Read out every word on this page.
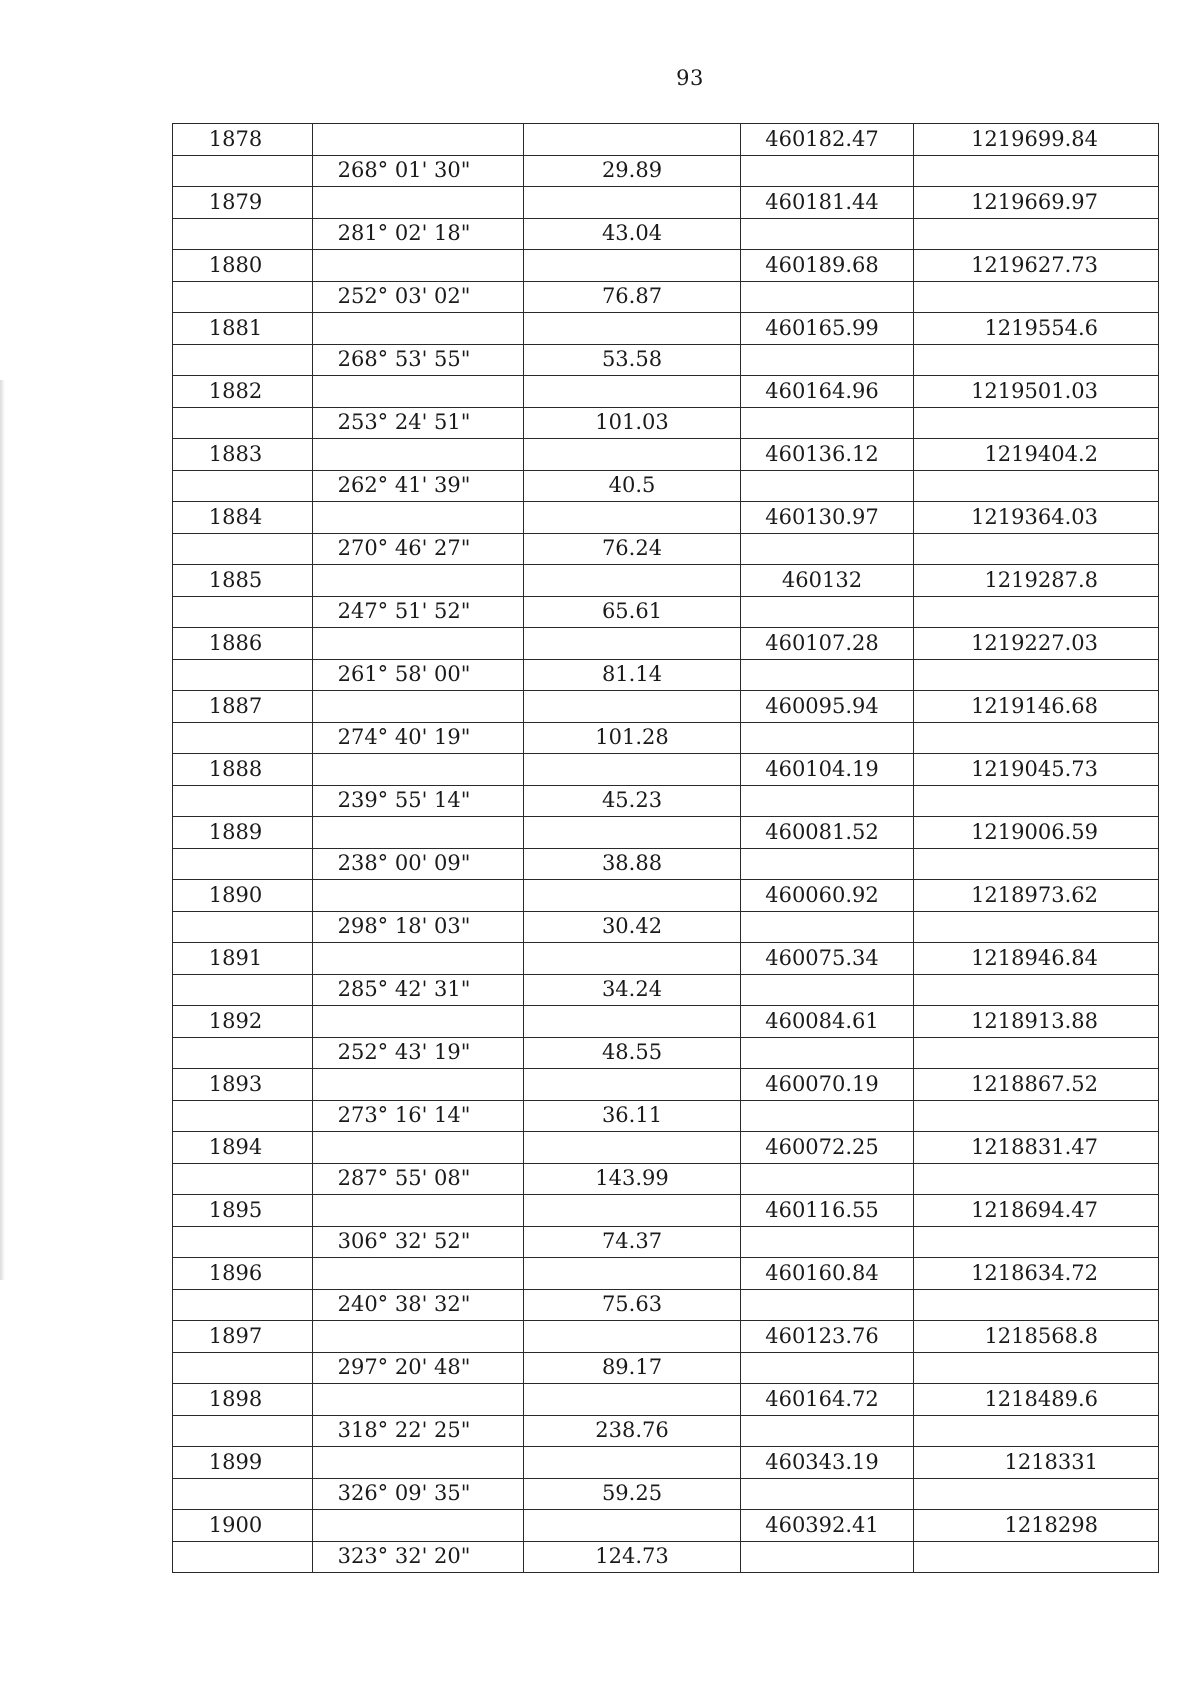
93
1878			460182.47	1219699.84
	268° 01' 30"	29.89		
1879			460181.44	1219669.97
	281° 02' 18"	43.04		
1880			460189.68	1219627.73
	252° 03' 02"	76.87		
1881			460165.99	1219554.6
	268° 53' 55"	53.58		
1882			460164.96	1219501.03
	253° 24' 51"	101.03		
1883			460136.12	1219404.2
	262° 41' 39"	40.5		
1884			460130.97	1219364.03
	270° 46' 27"	76.24		
1885			460132	1219287.8
	247° 51' 52"	65.61		
1886			460107.28	1219227.03
	261° 58' 00"	81.14		
1887			460095.94	1219146.68
	274° 40' 19"	101.28		
1888			460104.19	1219045.73
	239° 55' 14"	45.23		
1889			460081.52	1219006.59
	238° 00' 09"	38.88		
1890			460060.92	1218973.62
	298° 18' 03"	30.42		
1891			460075.34	1218946.84
	285° 42' 31"	34.24		
1892			460084.61	1218913.88
	252° 43' 19"	48.55		
1893			460070.19	1218867.52
	273° 16' 14"	36.11		
1894			460072.25	1218831.47
	287° 55' 08"	143.99		
1895			460116.55	1218694.47
	306° 32' 52"	74.37		
1896			460160.84	1218634.72
	240° 38' 32"	75.63		
1897			460123.76	1218568.8
	297° 20' 48"	89.17		
1898			460164.72	1218489.6
	318° 22' 25"	238.76		
1899			460343.19	1218331
	326° 09' 35"	59.25		
1900			460392.41	1218298
	323° 32' 20"	124.73		
